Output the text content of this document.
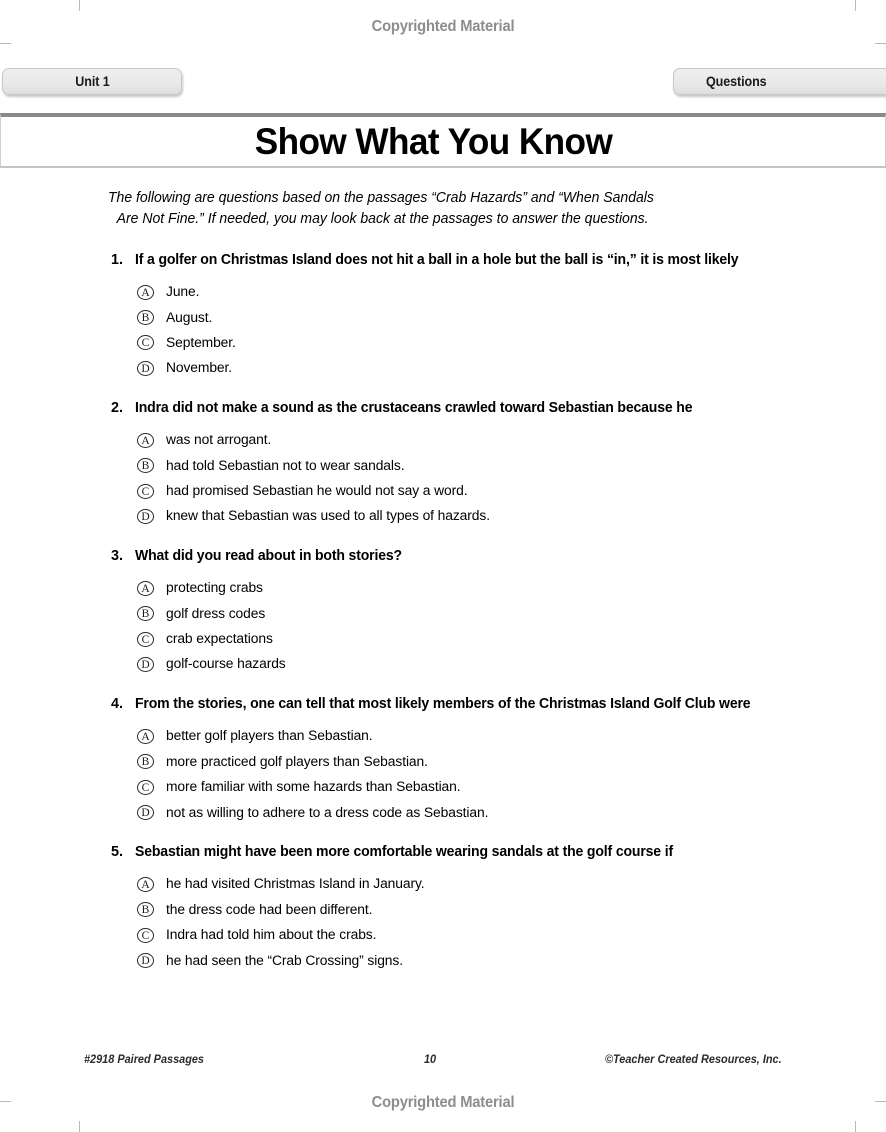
Copyrighted Material
Unit 1	Questions
Show What You Know
The following are questions based on the passages “Crab Hazards” and “When Sandals
Are Not Fine.” If needed, you may look back at the passages to answer the questions.
1. If a golfer on Christmas Island does not hit a ball in a hole but the ball is “in,” it is most likely
A	June.
B	August.
C	September.
D	November.
2. Indra did not make a sound as the crustaceans crawled toward Sebastian because he
A	was not arrogant.
B	had told Sebastian not to wear sandals.
C	had promised Sebastian he would not say a word.
D	knew that Sebastian was used to all types of hazards.
3. What did you read about in both stories?
A	protecting crabs
B	golf dress codes
C	crab expectations
D	golf-course hazards
4. From the stories, one can tell that most likely members of the Christmas Island Golf Club were
A	better golf players than Sebastian.
B	more practiced golf players than Sebastian.
C	more familiar with some hazards than Sebastian.
D	not as willing to adhere to a dress code as Sebastian.
5. Sebastian might have been more comfortable wearing sandals at the golf course if
A	he had visited Christmas Island in January.
B	the dress code had been different.
C	Indra had told him about the crabs.
D	he had seen the “Crab Crossing” signs.
#2918 Paired Passages	10	©Teacher Created Resources, Inc.
Copyrighted Material
